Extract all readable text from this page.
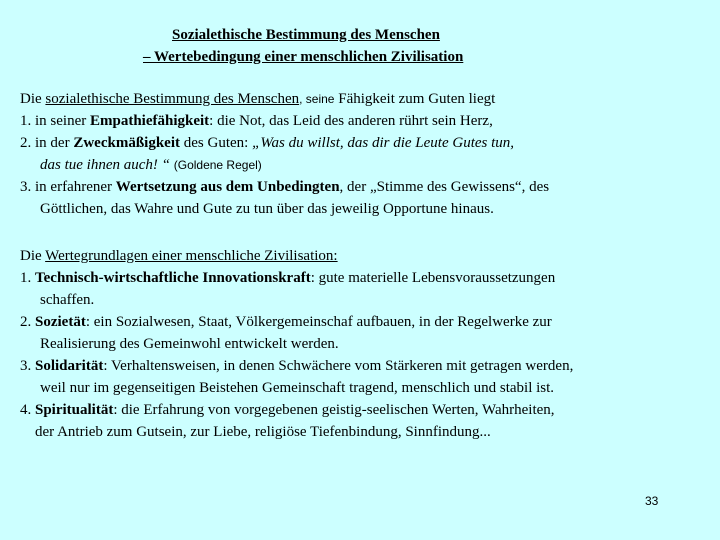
Sozialethische Bestimmung des Menschen
– Wertebedingung einer menschlichen Zivilisation
Die sozialethische Bestimmung des Menschen, seine Fähigkeit zum Guten liegt
1. in seiner Empathiefähigkeit: die Not, das Leid des anderen rührt sein Herz,
2. in der Zweckmäßigkeit des Guten: „Was du willst, das dir die Leute Gutes tun,
das tue ihnen auch! “ (Goldene Regel)
3. in erfahrener Wertsetzung aus dem Unbedingten, der „Stimme des Gewissens“, des
Göttlichen, das Wahre und Gute zu tun über das jeweilig Opportune hinaus.
Die Wertegrundlagen einer menschliche Zivilisation:
1. Technisch-wirtschaftliche Innovationskraft: gute materielle Lebensvoraussetzungen
schaffen.
2. Sozietät: ein Sozialwesen, Staat, Völkergemeinschaf aufbauen, in der Regelwerke zur
Realisierung des Gemeinwohl entwickelt werden.
3. Solidarität: Verhaltensweisen, in denen Schwächere vom Stärkeren mit getragen werden,
weil nur im gegenseitigen Beistehen Gemeinschaft tragend, menschlich und stabil ist.
4. Spiritualität: die Erfahrung von vorgegebenen geistig-seelischen Werten, Wahrheiten,
der Antrieb zum Gutsein, zur Liebe, religiöse Tiefenbindung, Sinnfindung...
33
